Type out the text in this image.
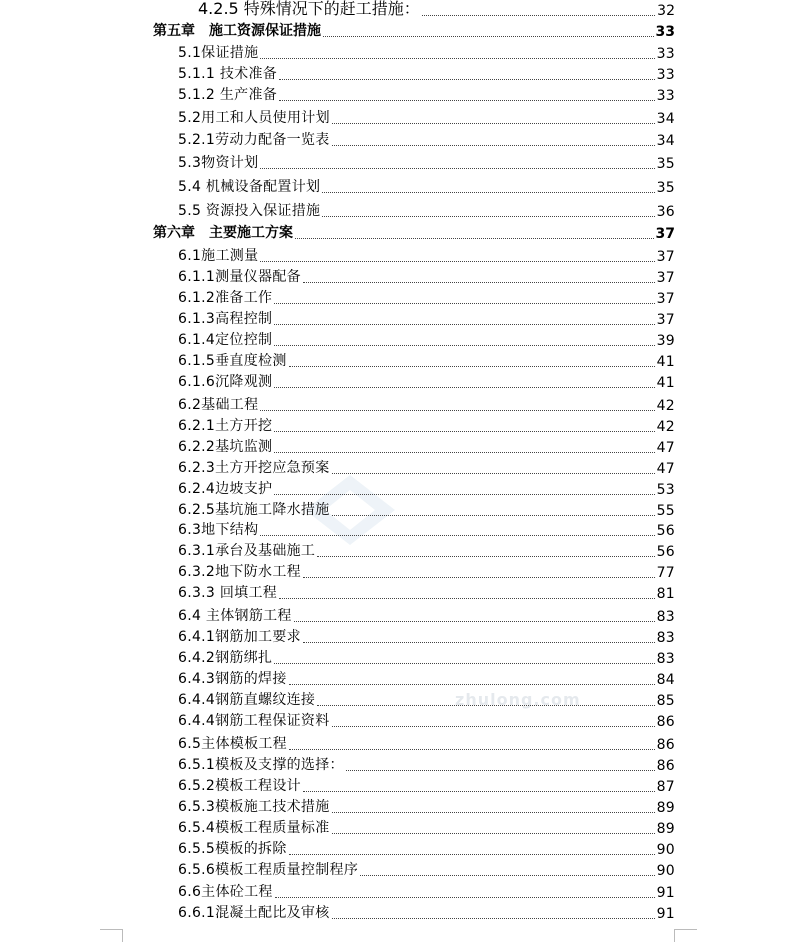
zhulong.com
4.2.5 特殊情况下的赶工措施：	32
第五章　施工资源保证措施	33
5.1保证措施	33
5.1.1 技术准备	33
5.1.2 生产准备	33
5.2用工和人员使用计划	34
5.2.1劳动力配备一览表	34
5.3物资计划	35
5.4 机械设备配置计划	35
5.5 资源投入保证措施	36
第六章　主要施工方案	37
6.1施工测量	37
6.1.1测量仪器配备	37
6.1.2准备工作	37
6.1.3高程控制	37
6.1.4定位控制	39
6.1.5垂直度检测	41
6.1.6沉降观测	41
6.2基础工程	42
6.2.1土方开挖	42
6.2.2基坑监测	47
6.2.3土方开挖应急预案	47
6.2.4边坡支护	53
6.2.5基坑施工降水措施	55
6.3地下结构	56
6.3.1承台及基础施工	56
6.3.2地下防水工程	77
6.3.3 回填工程	81
6.4 主体钢筋工程	83
6.4.1钢筋加工要求	83
6.4.2钢筋绑扎	83
6.4.3钢筋的焊接	84
6.4.4钢筋直螺纹连接	85
6.4.4钢筋工程保证资料	86
6.5主体模板工程	86
6.5.1模板及支撑的选择：	86
6.5.2模板工程设计	87
6.5.3模板施工技术措施	89
6.5.4模板工程质量标准	89
6.5.5模板的拆除	90
6.5.6模板工程质量控制程序	90
6.6主体砼工程	91
6.6.1混凝土配比及审核	91
